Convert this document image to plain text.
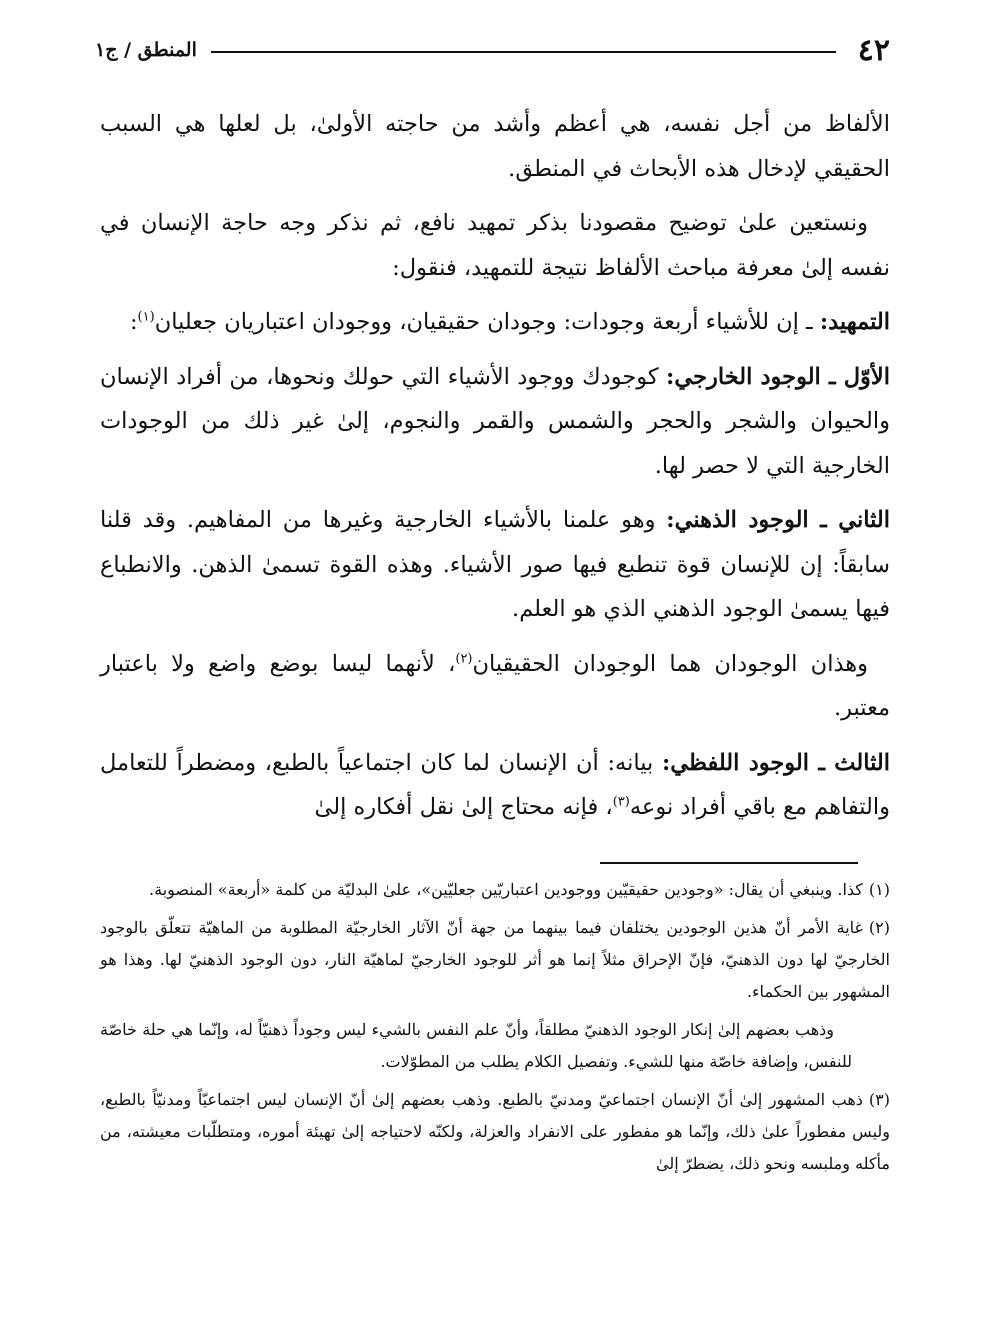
٤٢
المنطق / ج١

الألفاظ من أجل نفسه، هي أعظم وأشد من حاجته الأولىٰ، بل لعلها هي السبب الحقيقي لإدخال هذه الأبحاث في المنطق.

ونستعين علىٰ توضيح مقصودنا بذكر تمهيد نافع، ثم نذكر وجه حاجة الإنسان في نفسه إلىٰ معرفة مباحث الألفاظ نتيجة للتمهيد، فنقول:

التمهيد: ـ إن للأشياء أربعة وجودات: وجودان حقيقيان، ووجودان اعتباريان جعليان$^{(١)}$:

الأوّل ـ الوجود الخارجي: كوجودك ووجود الأشياء التي حولك ونحوها، من أفراد الإنسان والحيوان والشجر والحجر والشمس والقمر والنجوم، إلىٰ غير ذلك من الوجودات الخارجية التي لا حصر لها.

الثاني ـ الوجود الذهني: وهو علمنا بالأشياء الخارجية وغيرها من المفاهيم. وقد قلنا سابقاً: إن للإنسان قوة تنطبع فيها صور الأشياء. وهذه القوة تسمىٰ الذهن. والانطباع فيها يسمىٰ الوجود الذهني الذي هو العلم.

وهذان الوجودان هما الوجودان الحقيقيان$^{(٢)}$، لأنهما ليسا بوضع واضع ولا باعتبار معتبر.

الثالث ـ الوجود اللفظي: بيانه: أن الإنسان لما كان اجتماعياً بالطبع، ومضطراً للتعامل والتفاهم مع باقي أفراد نوعه$^{(٣)}$، فإنه محتاج إلىٰ نقل أفكاره إلىٰ

(١)كذا. وينبغي أن يقال: «وجودين حقيقيّين ووجودين اعتباريّين جعليّين»، علىٰ البدليّة من كلمة «أربعة» المنصوبة.

(٢)غاية الأمر أنّ هذين الوجودين يختلفان فيما بينهما من جهة أنّ الآثار الخارجيّة المطلوبة من الماهيّة تتعلّق بالوجود الخارجيّ لها دون الذهنيّ، فإنّ الإحراق مثلاً إنما هو أثر للوجود الخارجيّ لماهيّة النار، دون الوجود الذهنيّ لها. وهذا هو المشهور بين الحكماء.

وذهب بعضهم إلىٰ إنكار الوجود الذهنيّ مطلقاً، وأنّ علم النفس بالشيء ليس وجوداً ذهنيّاً له، وإنّما هي حلة خاصّة للنفس، وإضافة خاصّة منها للشيء. وتفصيل الكلام يطلب من المطوّلات.

(٣)ذهب المشهور إلىٰ أنّ الإنسان اجتماعيّ ومدنيّ بالطبع. وذهب بعضهم إلىٰ أنّ الإنسان ليس اجتماعيّاً ومدنيّاً بالطبع، وليس مفطوراً علىٰ ذلك، وإنّما هو مفطور على الانفراد والعزلة، ولكنّه لاحتياجه إلىٰ تهيئة أموره، ومتطلّبات معيشته، من مأكله وملبسه ونحو ذلك، يضطرّ إلىٰ
